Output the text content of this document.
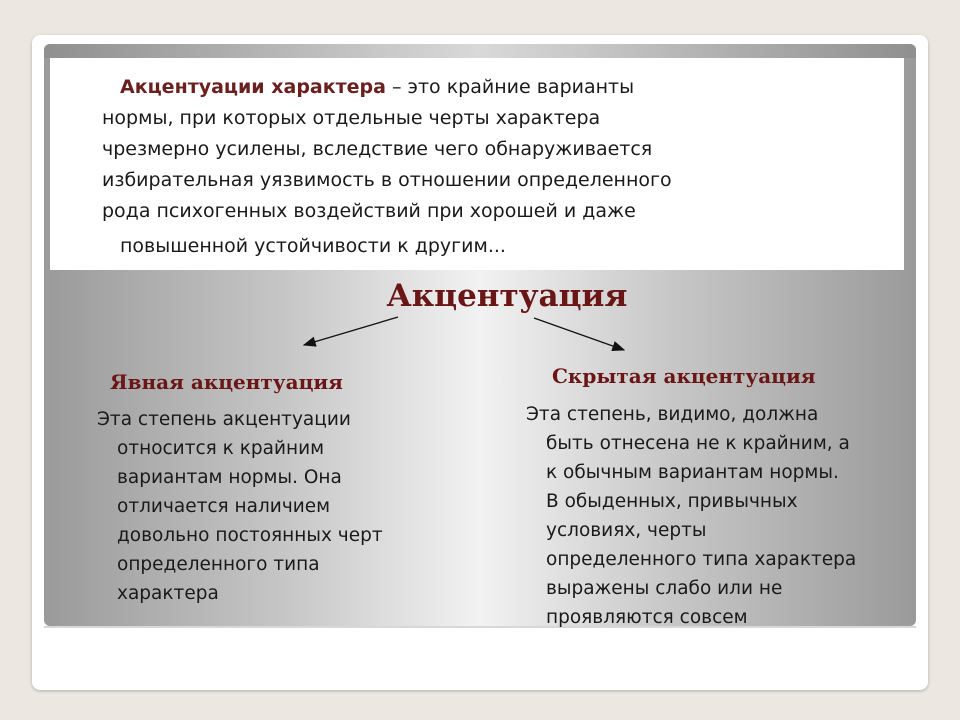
Акцентуации характера – это крайние варианты
нормы, при которых отдельные черты характера
чрезмерно усилены, вследствие чего обнаруживается
избирательная уязвимость в отношении определенного
рода психогенных воздействий при хорошей и даже
повышенной устойчивости к другим...

Акцентуация
Явная акцентуация
Эта степень акцентуации
относится к крайним
вариантам нормы. Она
отличается наличием
довольно постоянных черт
определенного типа
характера
Скрытая акцентуация
Эта степень, видимо, должна
быть отнесена не к крайним, а
к обычным вариантам нормы.
В обыденных, привычных
условиях, черты
определенного типа характера
выражены слабо или не
проявляются совсем
